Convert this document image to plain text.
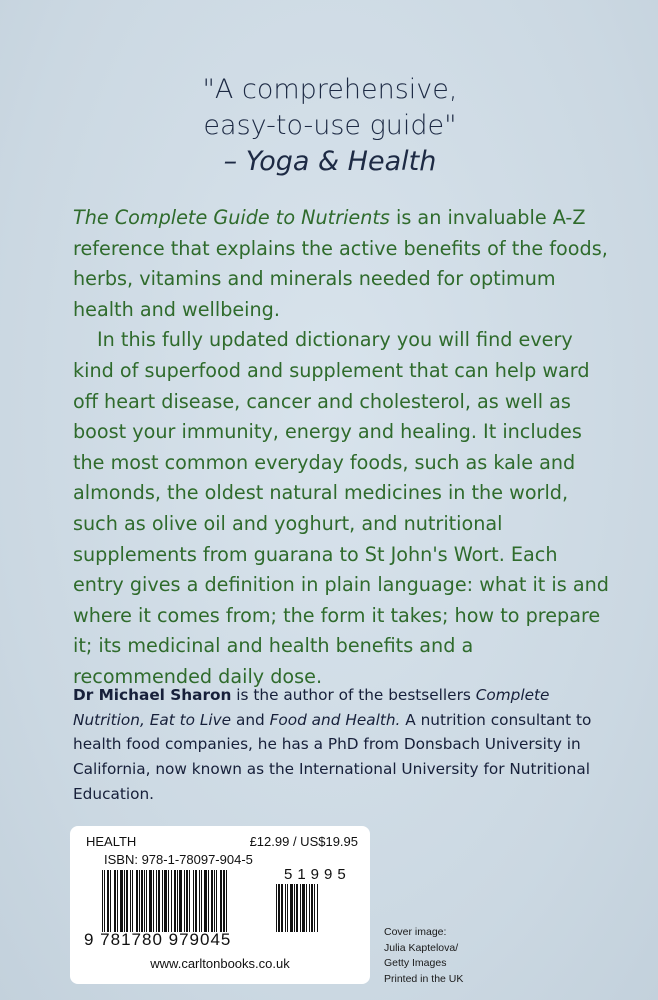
"A comprehensive,
easy-to-use guide"
– Yoga & Health

The Complete Guide to Nutrients is an invaluable A-Z reference that explains the active benefits of the foods, herbs, vitamins and minerals needed for optimum health and wellbeing.

In this fully updated dictionary you will find every kind of superfood and supplement that can help ward off heart disease, cancer and cholesterol, as well as boost your immunity, energy and healing. It includes the most common everyday foods, such as kale and almonds, the oldest natural medicines in the world, such as olive oil and yoghurt, and nutritional supplements from guarana to St John's Wort. Each entry gives a definition in plain language: what it is and where it comes from; the form it takes; how to prepare it; its medicinal and health benefits and a recommended daily dose.

Dr Michael Sharon is the author of the bestsellers Complete Nutrition, Eat to Live and Food and Health. A nutrition consultant to health food companies, he has a PhD from Donsbach University in California, now known as the International University for Nutritional Education.
HEALTH	£12.99 / US$19.95
ISBN: 978-1-78097-904-5
51995
9 781780 979045
www.carltonbooks.co.uk
Cover image:
Julia Kaptelova/
Getty Images
Printed in the UK
